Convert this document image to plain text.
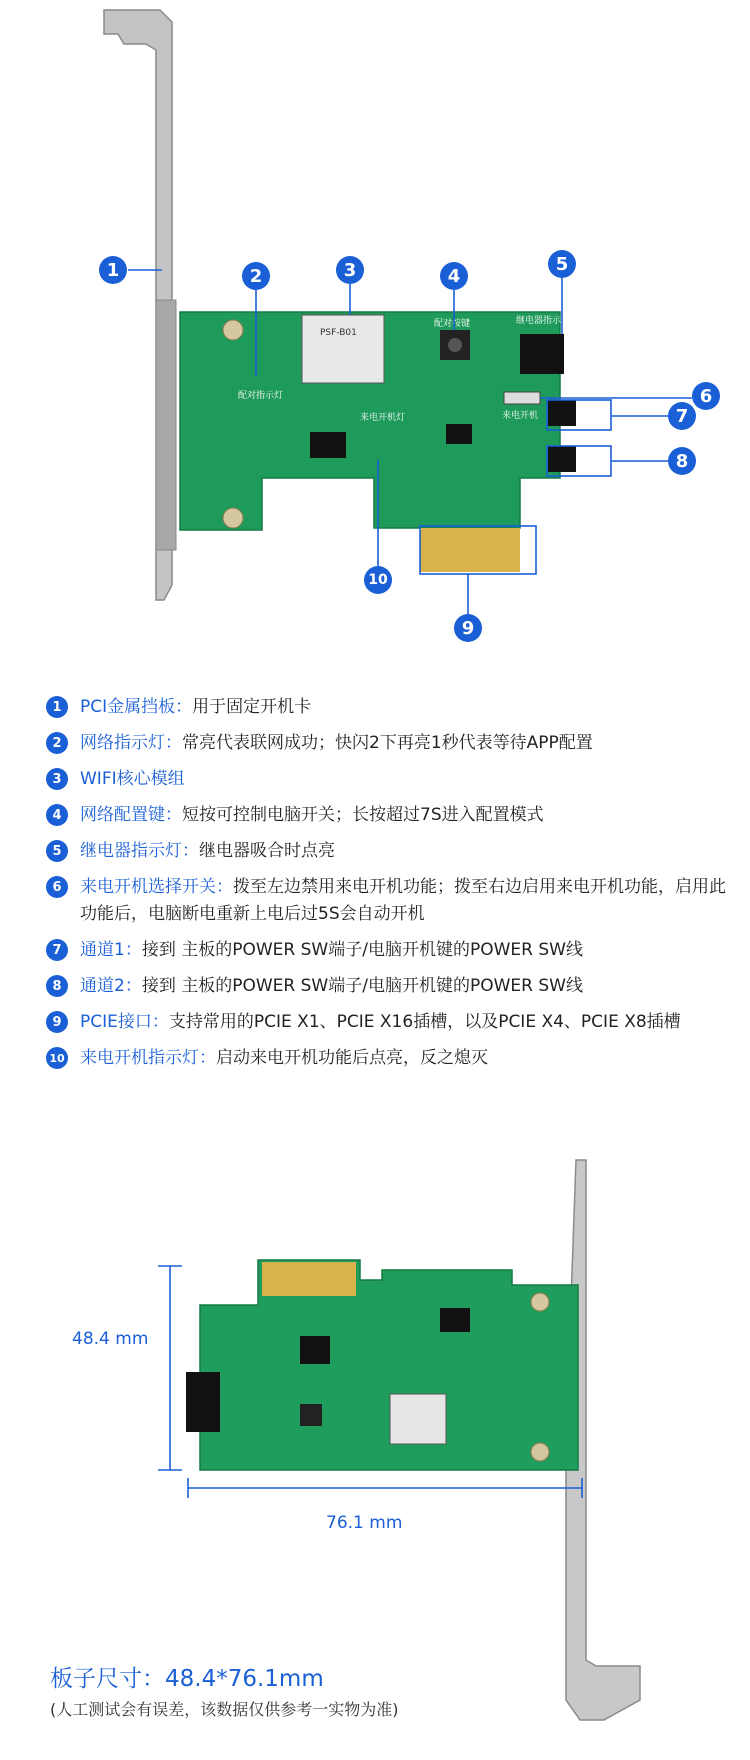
PSF-B01
配对指示灯
配对按键	继电器指示灯
来电开机
来电开机灯
1	2	3	4
5
6
7
8
9
10
1	PCI金属挡板：用于固定开机卡
2	网络指示灯：常亮代表联网成功；快闪2下再亮1秒代表等待APP配置
3	WIFI核心模组
4	网络配置键：短按可控制电脑开关；长按超过7S进入配置模式
5	继电器指示灯：继电器吸合时点亮
6	来电开机选择开关：拨至左边禁用来电开机功能；拨至右边启用来电开机功能，启用此功能后，电脑断电重新上电后过5S会自动开机
7	通道1：接到 主板的POWER SW端子/电脑开机键的POWER SW线
8	通道2：接到 主板的POWER SW端子/电脑开机键的POWER SW线
9	PCIE接口：支持常用的PCIE X1、PCIE X16插槽，以及PCIE X4、PCIE X8插槽
10 来电开机指示灯：启动来电开机功能后点亮，反之熄灭
48.4 mm
76.1 mm
板子尺寸：48.4*76.1mm
(人工测试会有误差，该数据仅供参考一实物为准)
